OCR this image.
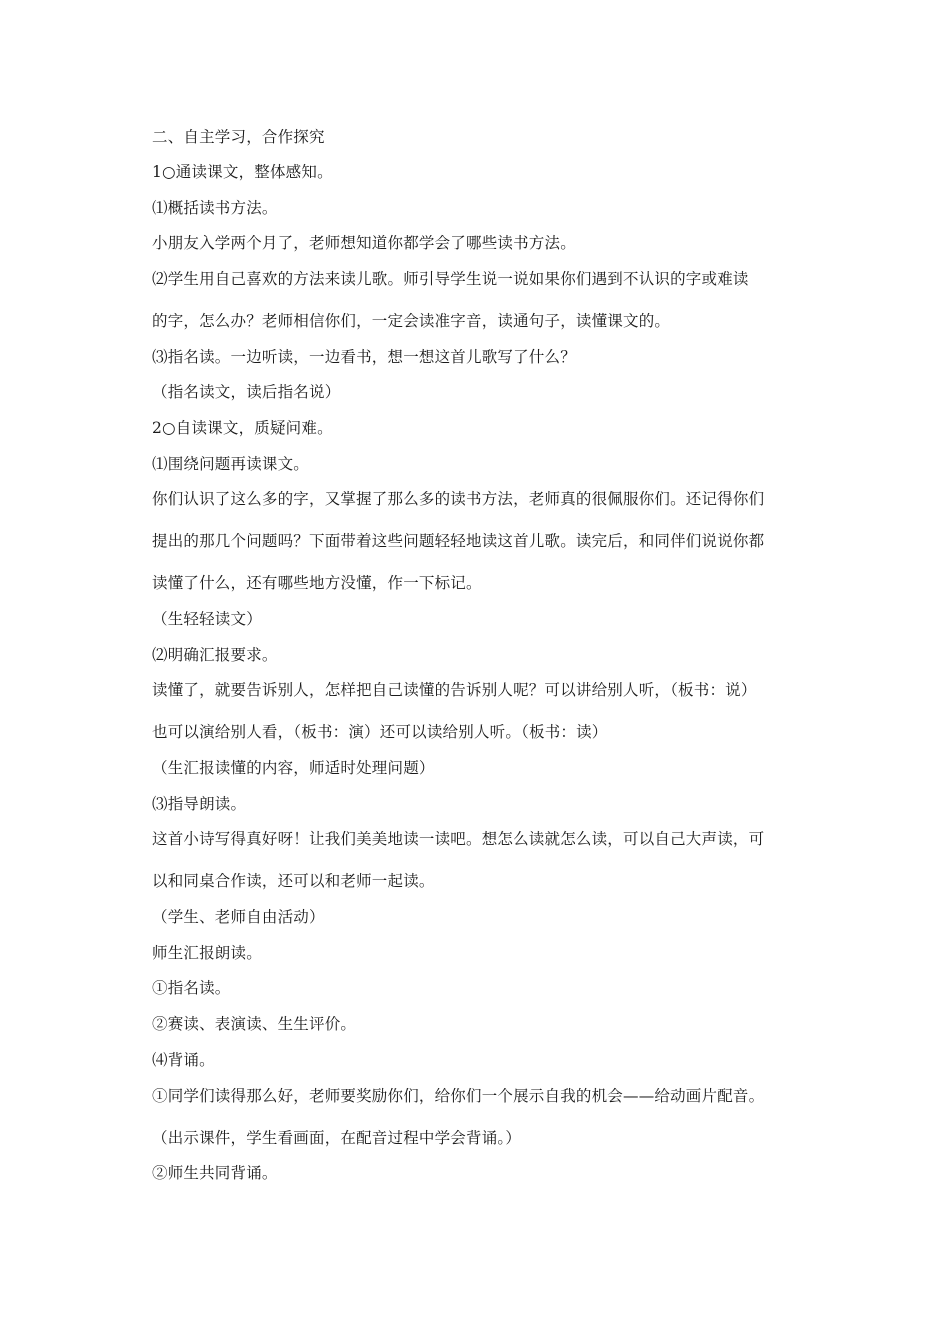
二、自主学习，合作探究
1○通读课文，整体感知。
⑴概括读书方法。
小朋友入学两个月了，老师想知道你都学会了哪些读书方法。
⑵学生用自己喜欢的方法来读儿歌。师引导学生说一说如果你们遇到不认识的字或难读
的字，怎么办？老师相信你们，一定会读准字音，读通句子，读懂课文的。
⑶指名读。一边听读，一边看书，想一想这首儿歌写了什么？
（指名读文，读后指名说）
2○自读课文，质疑问难。
⑴围绕问题再读课文。
你们认识了这么多的字，又掌握了那么多的读书方法，老师真的很佩服你们。还记得你们
提出的那几个问题吗？下面带着这些问题轻轻地读这首儿歌。读完后，和同伴们说说你都
读懂了什么，还有哪些地方没懂，作一下标记。
（生轻轻读文）
⑵明确汇报要求。
读懂了，就要告诉别人，怎样把自己读懂的告诉别人呢？可以讲给别人听，（板书：说）
也可以演给别人看，（板书：演）还可以读给别人听。（板书：读）
（生汇报读懂的内容，师适时处理问题）
⑶指导朗读。
这首小诗写得真好呀！让我们美美地读一读吧。想怎么读就怎么读，可以自己大声读，可
以和同桌合作读，还可以和老师一起读。
（学生、老师自由活动）
师生汇报朗读。
①指名读。
②赛读、表演读、生生评价。
⑷背诵。
①同学们读得那么好，老师要奖励你们，给你们一个展示自我的机会——给动画片配音。
（出示课件，学生看画面，在配音过程中学会背诵。）
②师生共同背诵。
